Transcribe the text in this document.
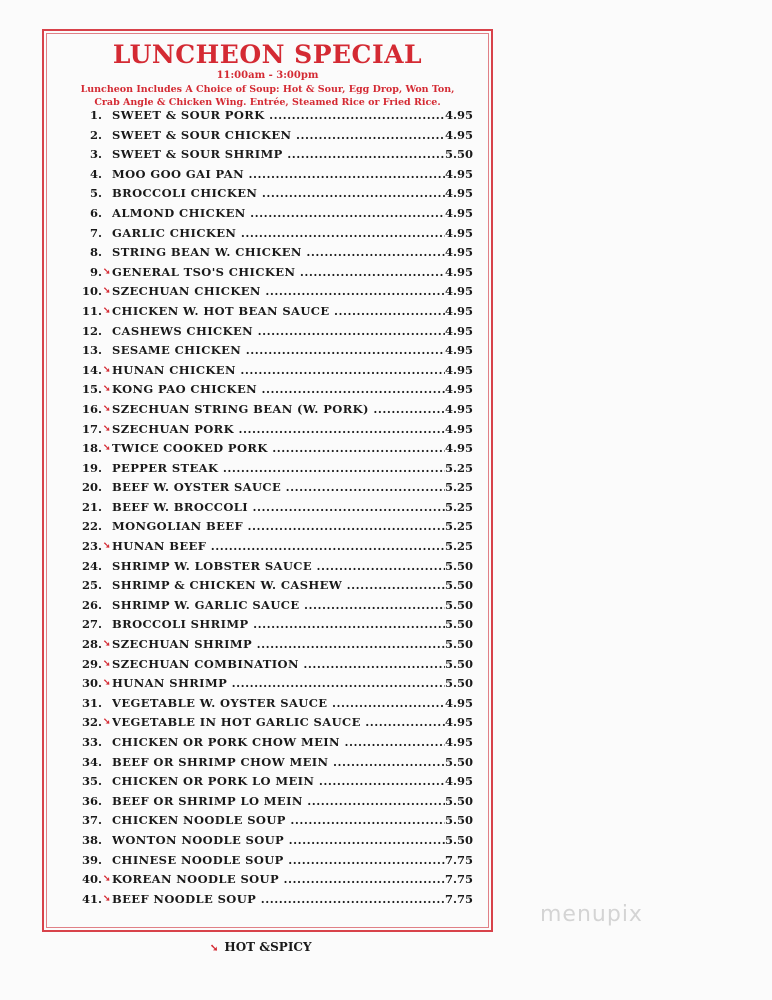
LUNCHEON SPECIAL
11:00am - 3:00pm
Luncheon Includes A Choice of Soup: Hot & Sour, Egg Drop, Won Ton,
Crab Angle & Chicken Wing. Entrée, Steamed Rice or Fried Rice.
1. SWEET & SOUR PORK .....	4.95
2. SWEET & SOUR CHICKEN .....	4.95
3. SWEET & SOUR SHRIMP .....	5.50
4. MOO GOO GAI PAN .....	4.95
5. BROCCOLI CHICKEN .....	4.95
6. ALMOND CHICKEN .....	4.95
7. GARLIC CHICKEN .....	4.95
8. STRING BEAN W. CHICKEN .....	4.95
9. ➘ GENERAL TSO'S CHICKEN .....	4.95
10. ➘ SZECHUAN CHICKEN .....	4.95
11. ➘ CHICKEN W. HOT BEAN SAUCE .....	4.95
12. CASHEWS CHICKEN .....	4.95
13. SESAME CHICKEN .....	4.95
14. ➘ HUNAN CHICKEN .....	4.95
15. ➘ KONG PAO CHICKEN .....	4.95
16. ➘ SZECHUAN STRING BEAN (W. PORK) .....	4.95
17. ➘ SZECHUAN PORK .....	4.95
18. ➘ TWICE COOKED PORK .....	4.95
19. PEPPER STEAK .....	5.25
20. BEEF W. OYSTER SAUCE .....	5.25
21. BEEF W. BROCCOLI .....	5.25
22. MONGOLIAN BEEF .....	5.25
23. ➘ HUNAN BEEF .....	5.25
24. SHRIMP W. LOBSTER SAUCE .....	5.50
25. SHRIMP & CHICKEN W. CASHEW .....	5.50
26. SHRIMP W. GARLIC SAUCE .....	5.50
27. BROCCOLI SHRIMP .....	5.50
28. ➘ SZECHUAN SHRIMP .....	5.50
29. ➘ SZECHUAN COMBINATION .....	5.50
30. ➘ HUNAN SHRIMP .....	5.50
31. VEGETABLE W. OYSTER SAUCE .....	4.95
32. ➘ VEGETABLE IN HOT GARLIC SAUCE .....	4.95
33. CHICKEN OR PORK CHOW MEIN .....	4.95
34. BEEF OR SHRIMP CHOW MEIN .....	5.50
35. CHICKEN OR PORK LO MEIN .....	4.95
36. BEEF OR SHRIMP LO MEIN .....	5.50
37. CHICKEN NOODLE SOUP .....	5.50
38. WONTON NOODLE SOUP .....	5.50
39. CHINESE NOODLE SOUP .....	7.75
40. ➘ KOREAN NOODLE SOUP .....	7.75
41. ➘ BEEF NOODLE SOUP .....	7.75
➘ HOT &SPICY
menupix
